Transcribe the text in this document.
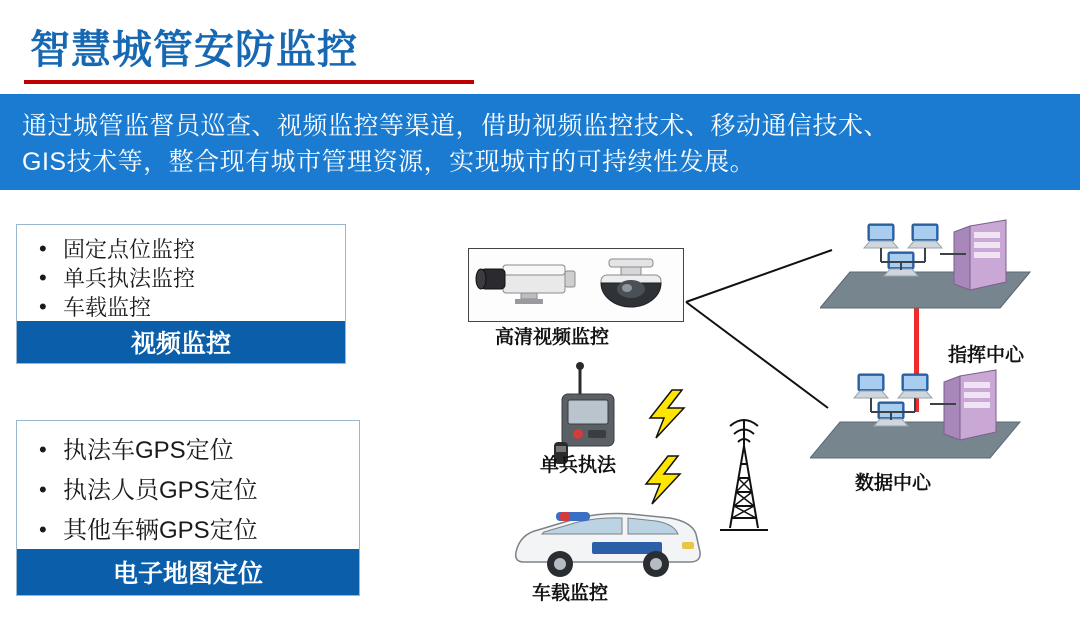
智慧城管安防监控
通过城管监督员巡查、视频监控等渠道，借助视频监控技术、移动通信技术、
GIS技术等，整合现有城市管理资源，实现城市的可持续性发展。
• 固定点位监控
• 单兵执法监控
• 车载监控
视频监控
• 执法车GPS定位
• 执法人员GPS定位
• 其他车辆GPS定位
电子地图定位
高清视频监控
单兵执法
车载监控
指挥中心
数据中心
